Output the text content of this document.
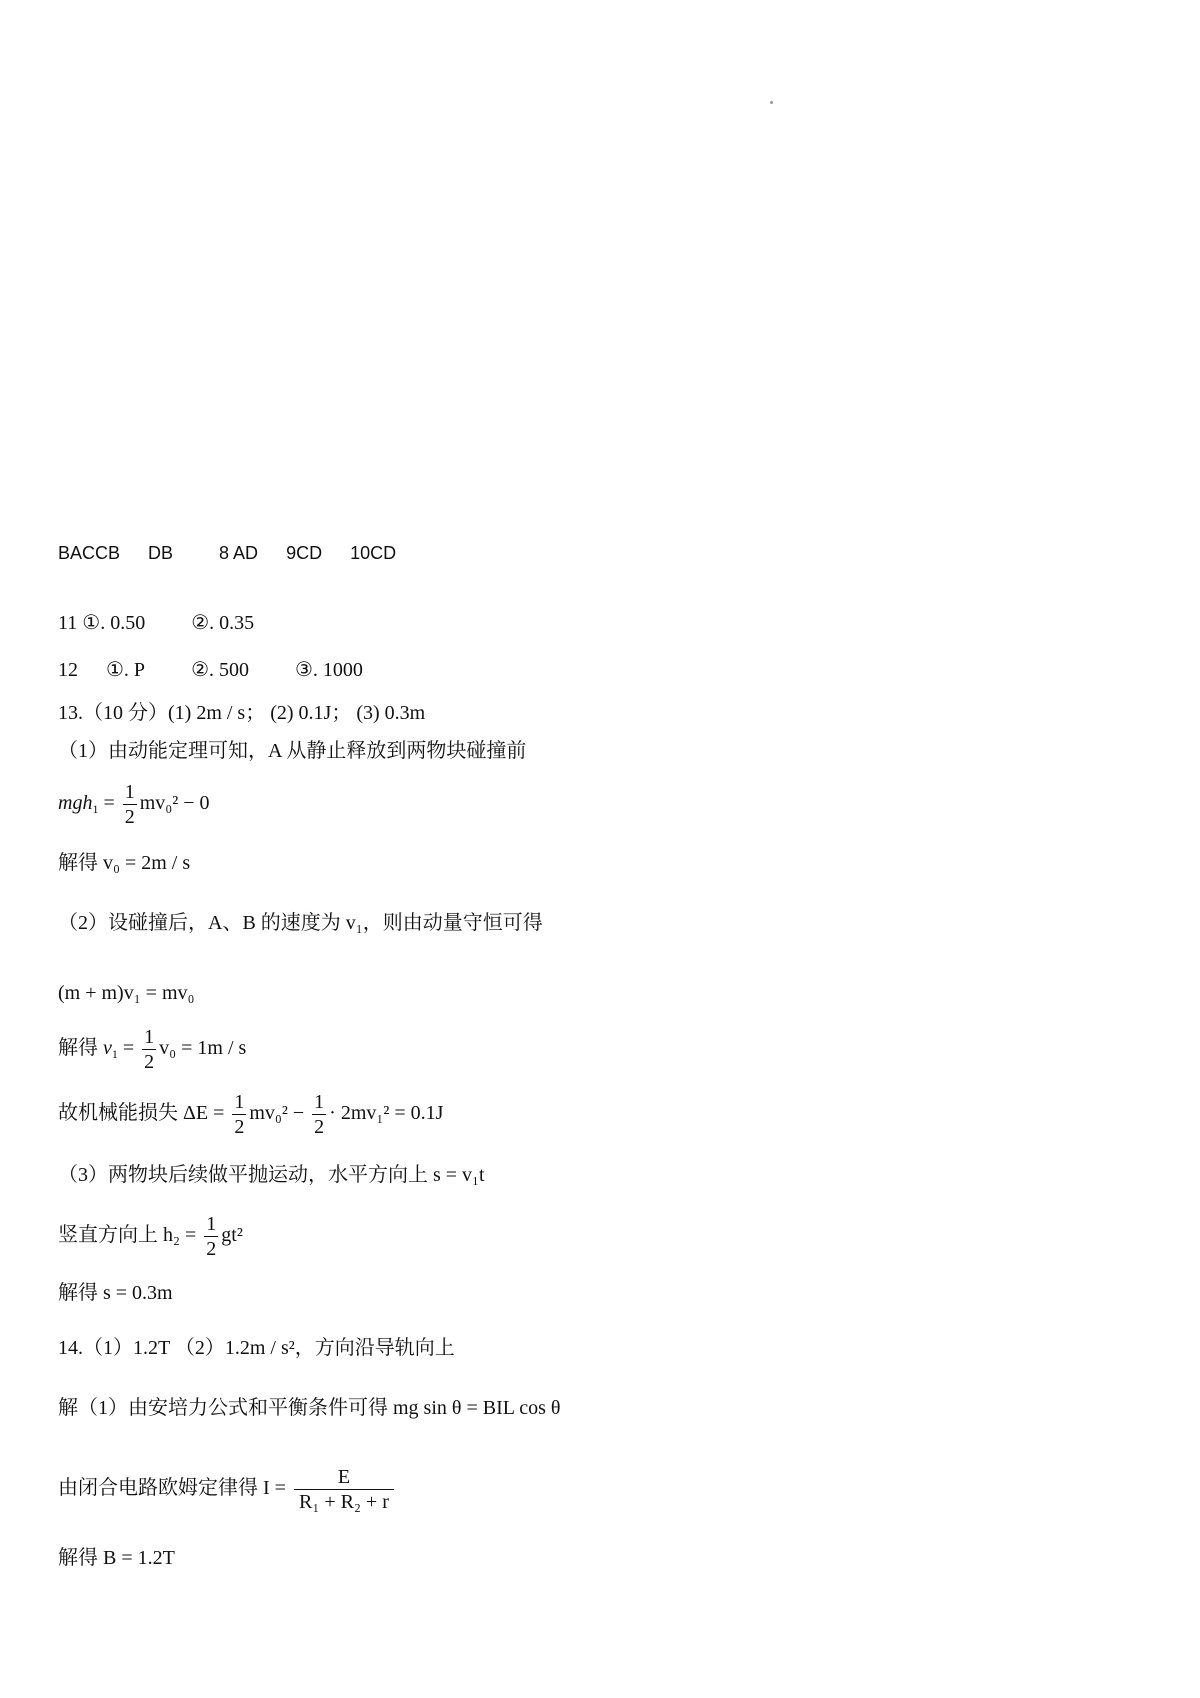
BACCB DB	8 AD 9CD 10CD
11 ①. 0.50 ②. 0.35
12 ①. P ②. 500 ③. 1000
13.（10 分）(1) 2m / s； (2) 0.1J； (3) 0.3m
（1）由动能定理可知，A 从静止释放到两物块碰撞前
$mgh_1 = \frac{1}{2} mv_0^2 - 0$
解得 v₀ = 2m / s
（2）设碰撞后，A、B 的速度为 v₁，则由动量守恒可得
(m + m)v₁ = mv₀
解得 $v_1 = \frac{1}{2} v_0 = 1m / s$
故机械能损失 $\Delta E = \frac{1}{2} mv_0^2 - \frac{1}{2} \cdot 2mv_1^2 = 0.1J$
（3）两物块后续做平抛运动，水平方向上 s = v₁t
竖直方向上 $h_2 = \frac{1}{2} gt^2$
解得 s = 0.3m
14.（1）1.2T （2）1.2m / s²，方向沿导轨向上
解（1）由安培力公式和平衡条件可得 mg sin θ = BIL cos θ
由闭合电路欧姆定律得 $I = \frac{E}{\text{R₁ + R₂ + r}}$
解得 B = 1.2T
